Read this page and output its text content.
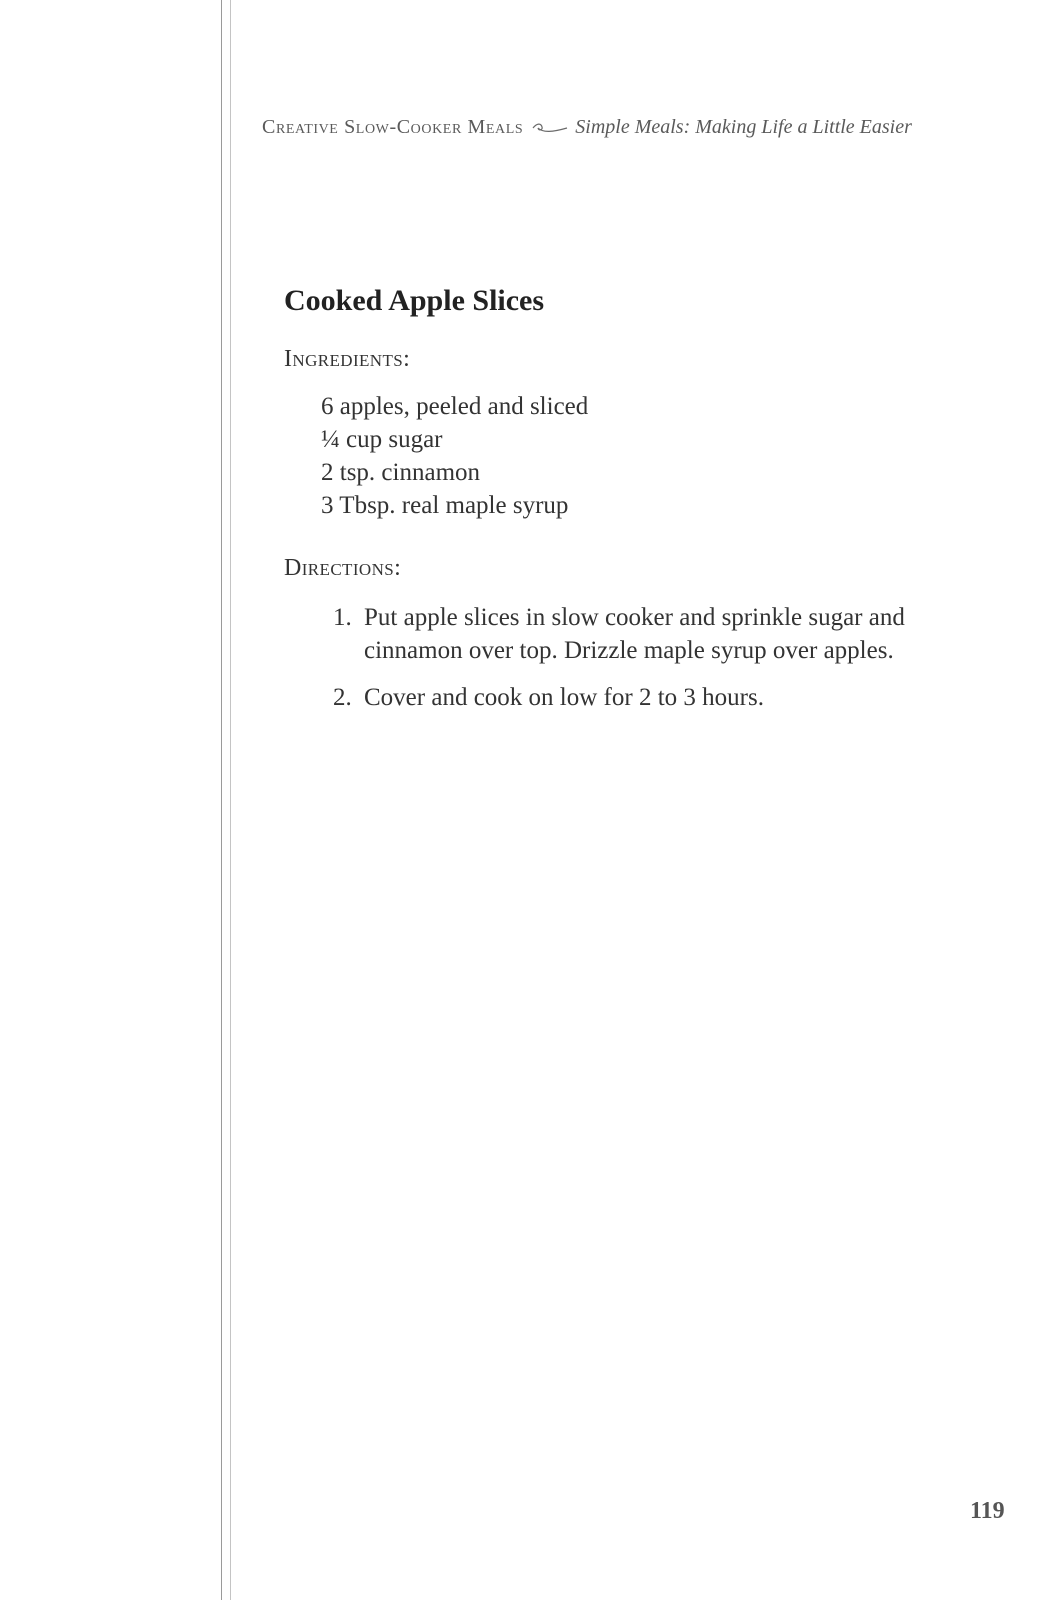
Creative Slow-Cooker Meals	Simple Meals: Making Life a Little Easier
Cooked Apple Slices
Ingredients:
6 apples, peeled and sliced
¼ cup sugar
2 tsp. cinnamon
3 Tbsp. real maple syrup
Directions:
1. Put apple slices in slow cooker and sprinkle sugar and cinnamon over top. Drizzle maple syrup over apples.
2. Cover and cook on low for 2 to 3 hours.
119
